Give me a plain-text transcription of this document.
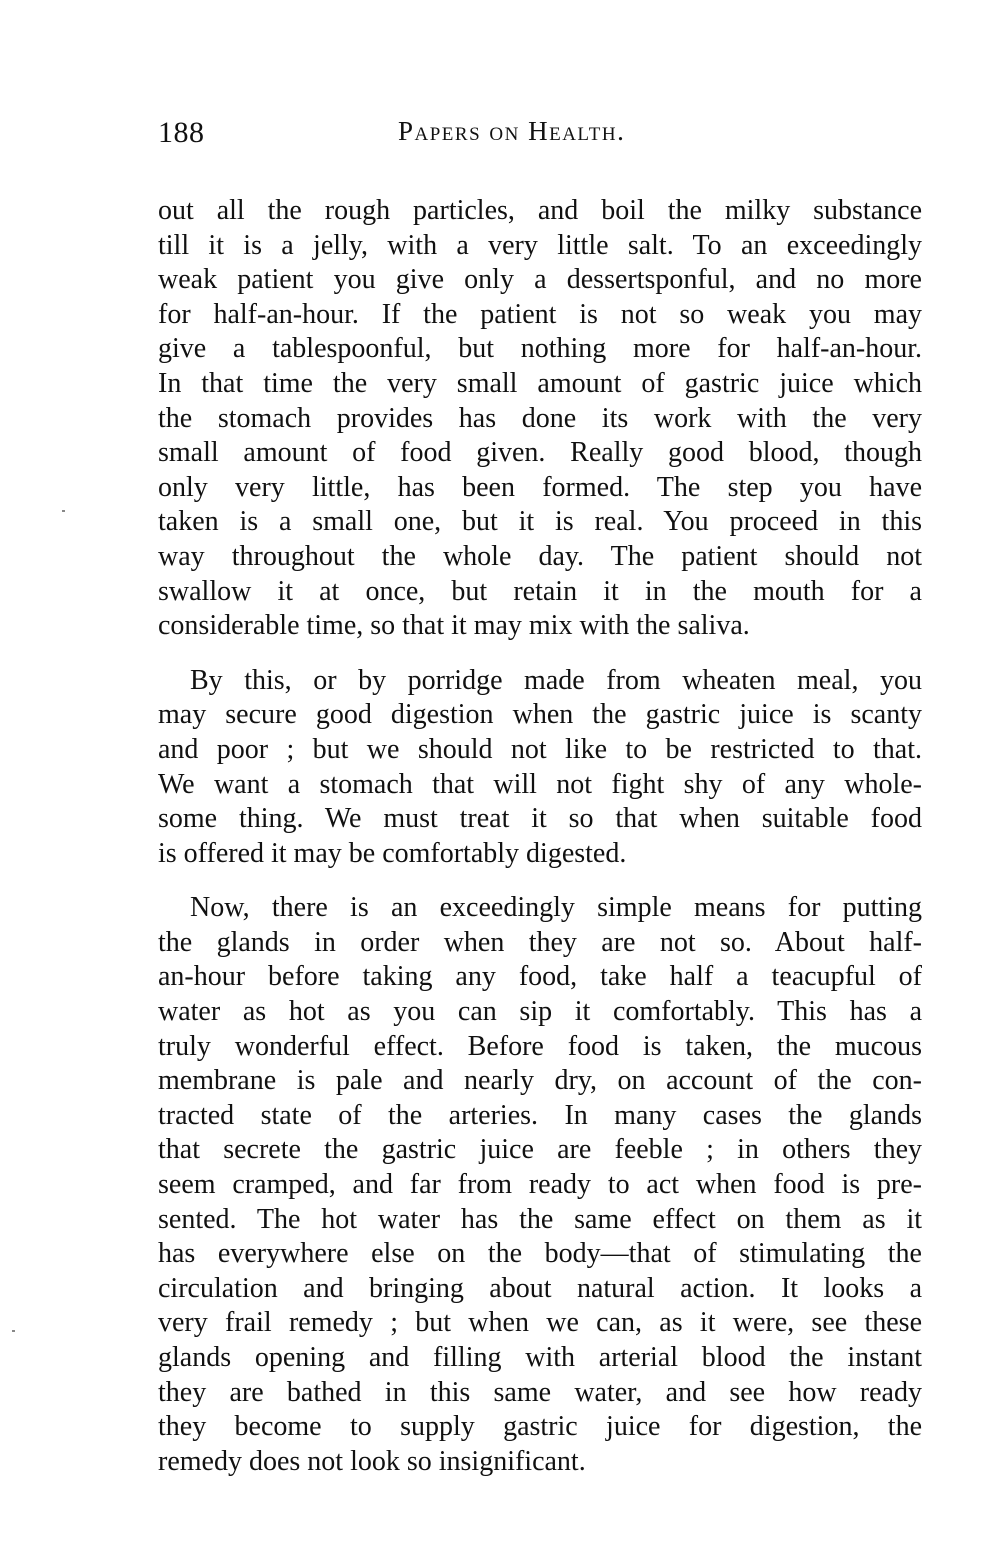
188	Papers on Health.

out all the rough particles, and boil the milky substance
till it is a jelly, with a very little salt. To an exceedingly
weak patient you give only a dessertsponful, and no more
for half-an-hour. If the patient is not so weak you may
give a tablespoonful, but nothing more for half-an-hour.
In that time the very small amount of gastric juice which
the stomach provides has done its work with the very
small amount of food given. Really good blood, though
only very little, has been formed. The step you have
taken is a small one, but it is real. You proceed in this
way throughout the whole day. The patient should not
swallow it at once, but retain it in the mouth for a
considerable time, so that it may mix with the saliva.

By this, or by porridge made from wheaten meal, you
may secure good digestion when the gastric juice is scanty
and poor ; but we should not like to be restricted to that.
We want a stomach that will not fight shy of any whole-
some thing. We must treat it so that when suitable food
is offered it may be comfortably digested.

Now, there is an exceedingly simple means for putting
the glands in order when they are not so. About half-
an-hour before taking any food, take half a teacupful of
water as hot as you can sip it comfortably. This has a
truly wonderful effect. Before food is taken, the mucous
membrane is pale and nearly dry, on account of the con-
tracted state of the arteries. In many cases the glands
that secrete the gastric juice are feeble ; in others they
seem cramped, and far from ready to act when food is pre-
sented. The hot water has the same effect on them as it
has everywhere else on the body—that of stimulating the
circulation and bringing about natural action. It looks a
very frail remedy ; but when we can, as it were, see these
glands opening and filling with arterial blood the instant
they are bathed in this same water, and see how ready
they become to supply gastric juice for digestion, the
remedy does not look so insignificant.
